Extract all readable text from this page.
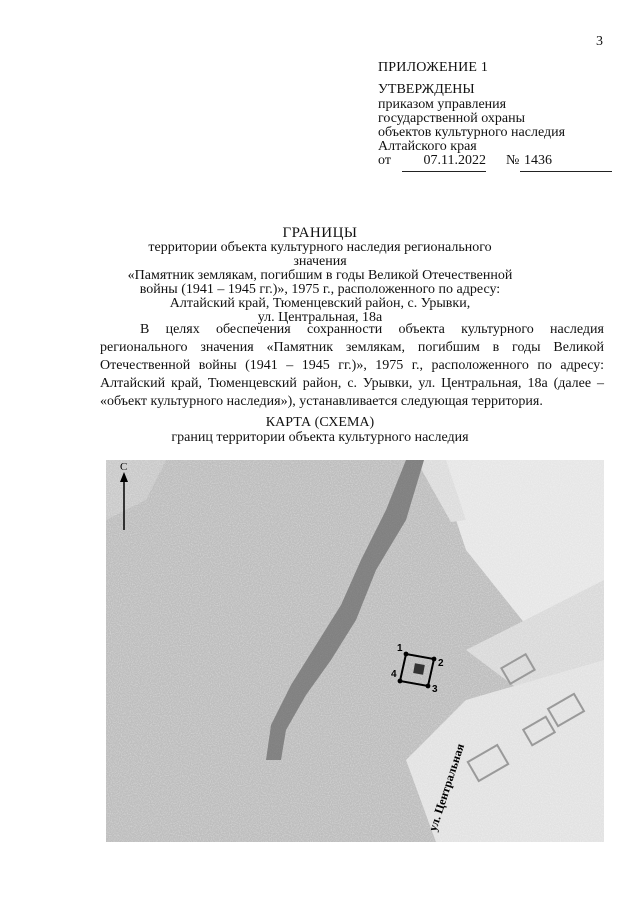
3
ПРИЛОЖЕНИЕ 1
УТВЕРЖДЕНЫ
приказом управления
государственной охраны
объектов культурного наследия
Алтайского края
от	07.11.2022 № 1436
ГРАНИЦЫ
территории объекта культурного наследия регионального значения
«Памятник землякам, погибшим в годы Великой Отечественной
войны (1941 – 1945 гг.)», 1975 г., расположенного по адресу:
Алтайский край, Тюменцевский район, с. Урывки,
ул. Центральная, 18а

В целях обеспечения сохранности объекта культурного наследия регионального значения «Памятник землякам, погибшим в годы Великой Отечественной войны (1941 – 1945 гг.)», 1975 г., расположенного по адресу: Алтайский край, Тюменцевский район, с. Урывки, ул. Центральная, 18а (далее – «объект культурного наследия»), устанавливается следующая территория.

КАРТА (СХЕМА)
границ территории объекта культурного наследия
С
1
2
3
4
ул. Центральная
